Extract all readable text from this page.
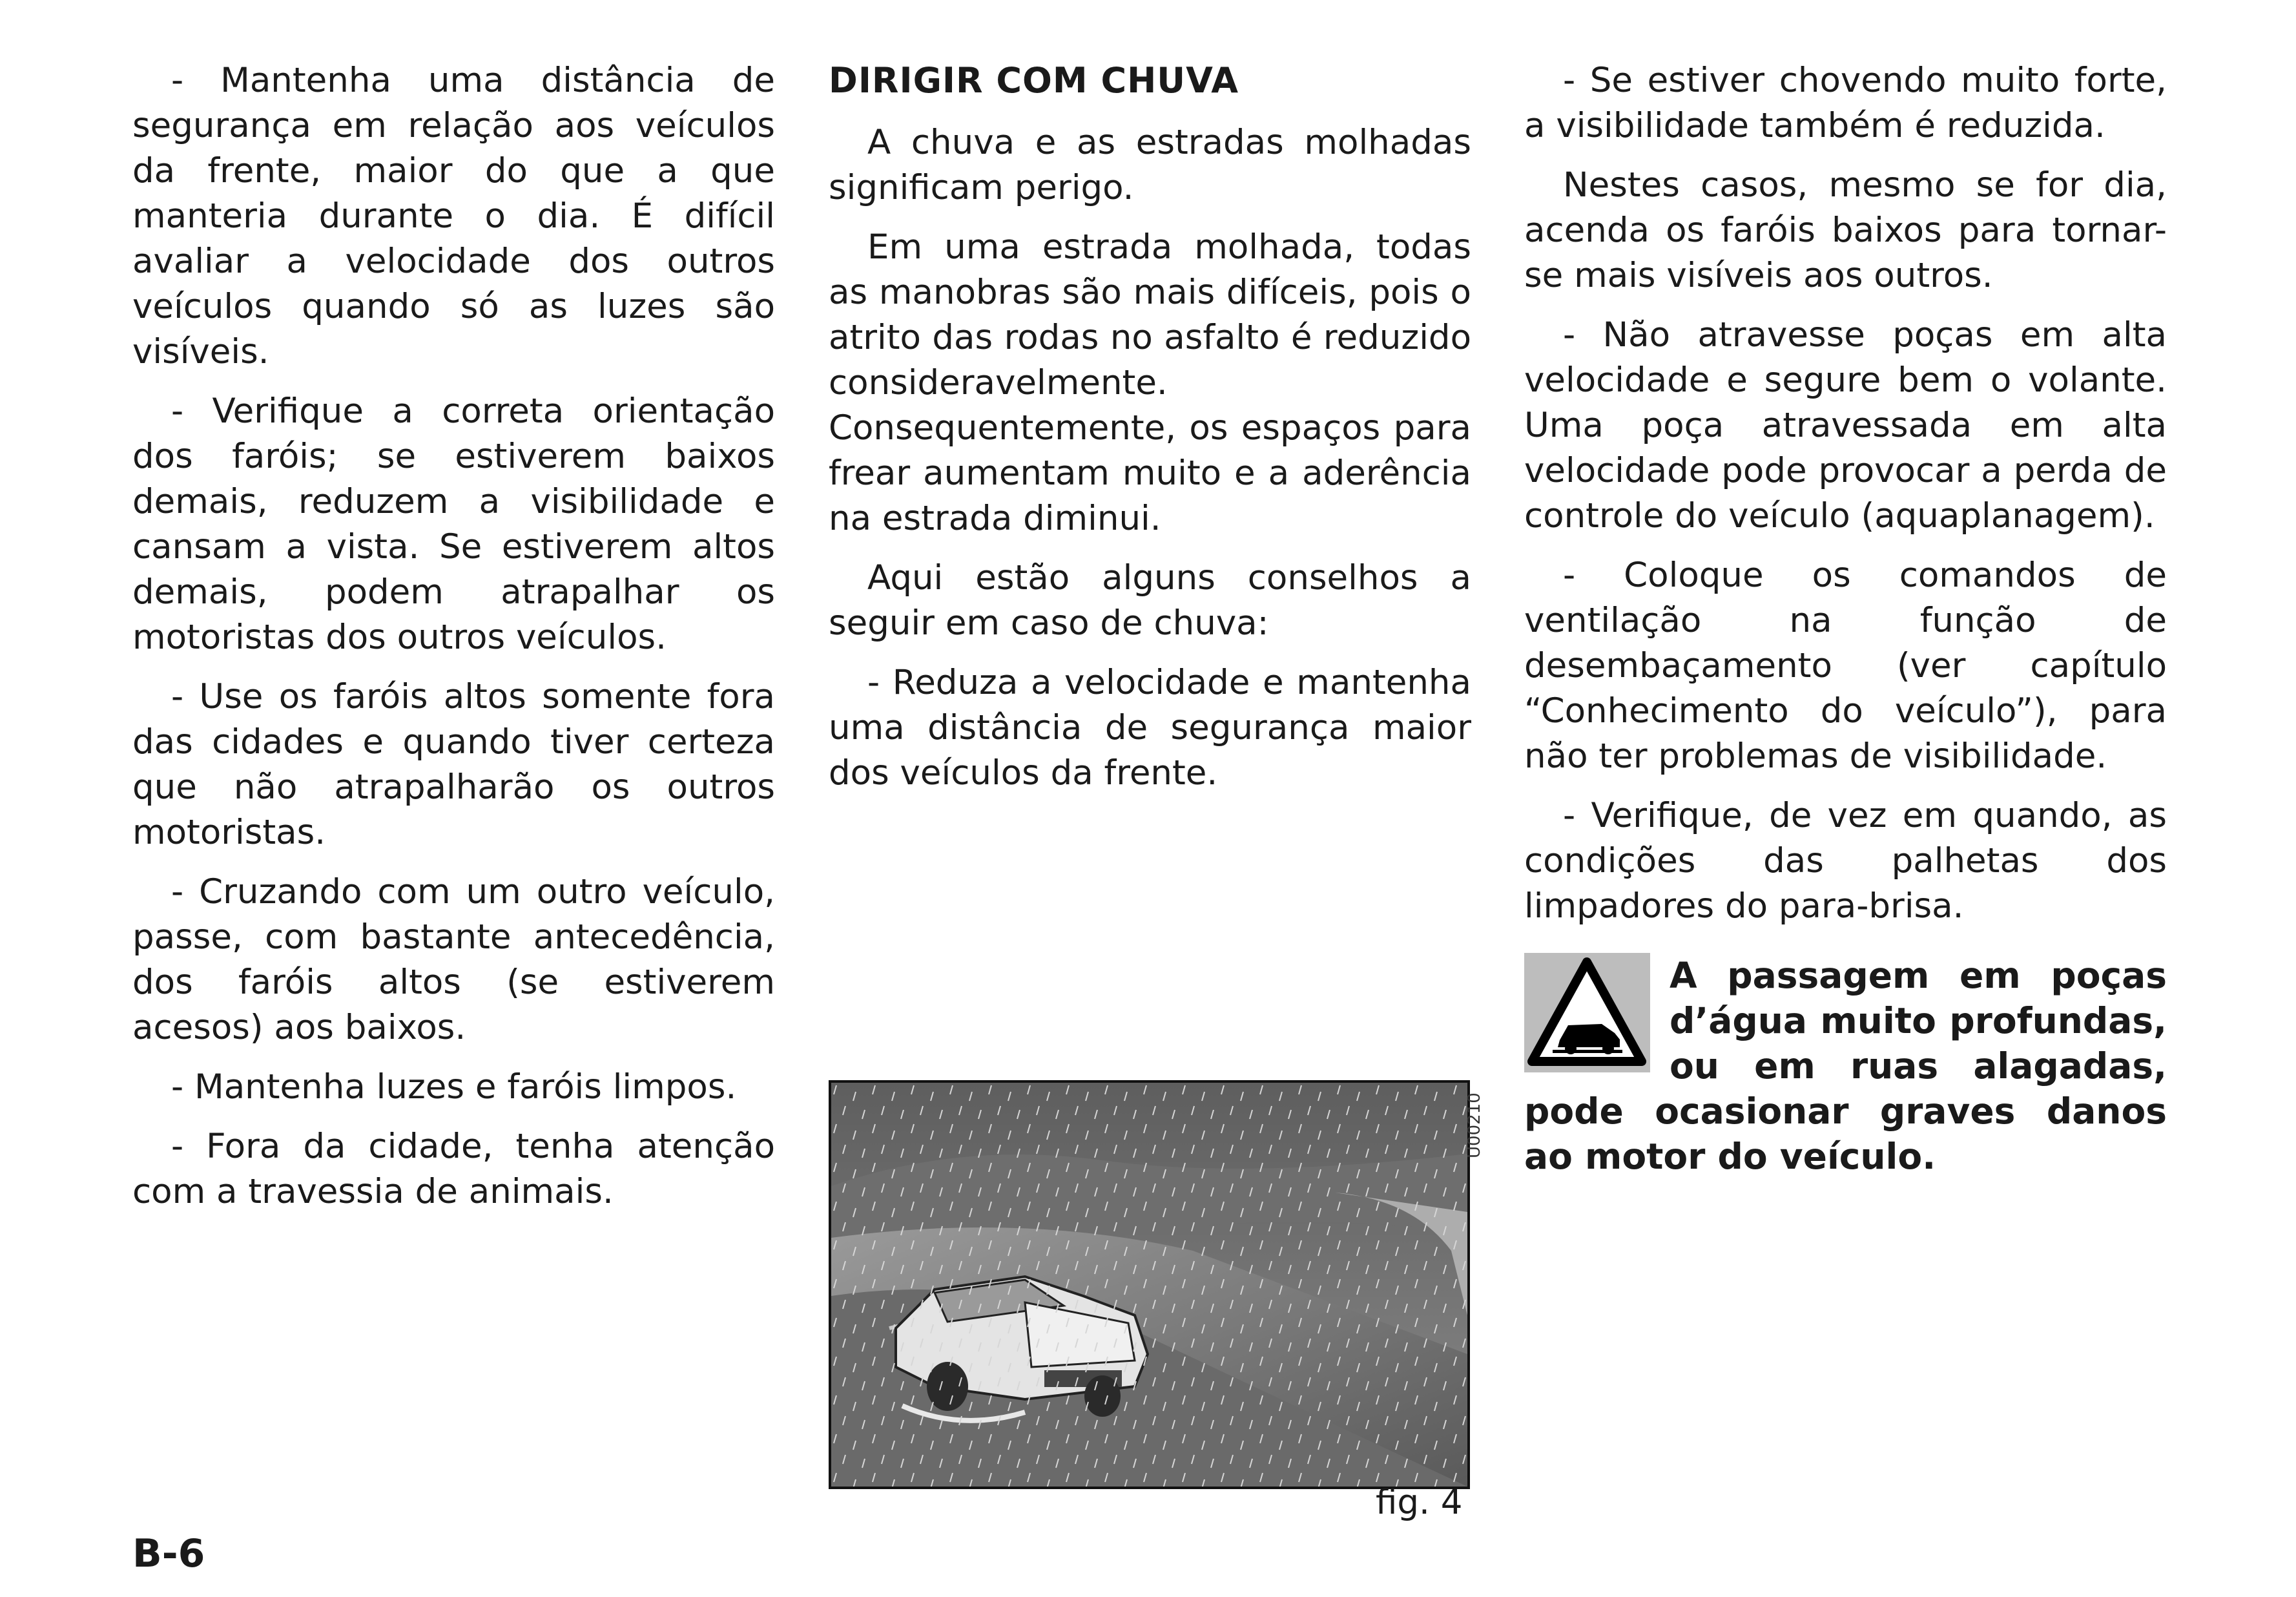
- Mantenha uma distância de segurança em relação aos veículos da frente, maior do que a que manteria durante o dia. É difícil avaliar a velocidade dos outros veículos quando só as luzes são visíveis.

- Verifique a correta orientação dos faróis; se estiverem baixos demais, reduzem a visibilidade e cansam a vista. Se estiverem altos demais, podem atrapalhar os motoristas dos outros veículos.

- Use os faróis altos somente fora das cidades e quando tiver certeza que não atrapalharão os outros motoristas.

- Cruzando com um outro veículo, passe, com bastante antecedência, dos faróis altos (se estiverem acesos) aos baixos.

- Mantenha luzes e faróis limpos.

- Fora da cidade, tenha atenção com a travessia de animais.

DIRIGIR COM CHUVA

A chuva e as estradas molhadas significam perigo.

Em uma estrada molhada, todas as manobras são mais difíceis, pois o atrito das rodas no asfalto é reduzido consideravelmente. Consequentemente, os espaços para frear aumentam muito e a aderência na estrada diminui.

Aqui estão alguns conselhos a seguir em caso de chuva:

- Reduza a velocidade e mantenha uma distância de segurança maior dos veículos da frente.

U00210
fig. 4

- Se estiver chovendo muito forte, a visibilidade também é reduzida.

Nestes casos, mesmo se for dia, acenda os faróis baixos para tornar-se mais visíveis aos outros.

- Não atravesse poças em alta velocidade e segure bem o volante. Uma poça atravessada em alta velocidade pode provocar a perda de controle do veículo (aquaplanagem).

- Coloque os comandos de ventilação na função de desembaçamento (ver capítulo “Conhecimento do veículo”), para não ter problemas de visibilidade.

- Verifique, de vez em quando, as condições das palhetas dos limpadores do para-brisa.

A passagem em poças d’água muito profundas, ou em ruas alagadas, pode ocasionar graves danos ao motor do veículo.
B-6
